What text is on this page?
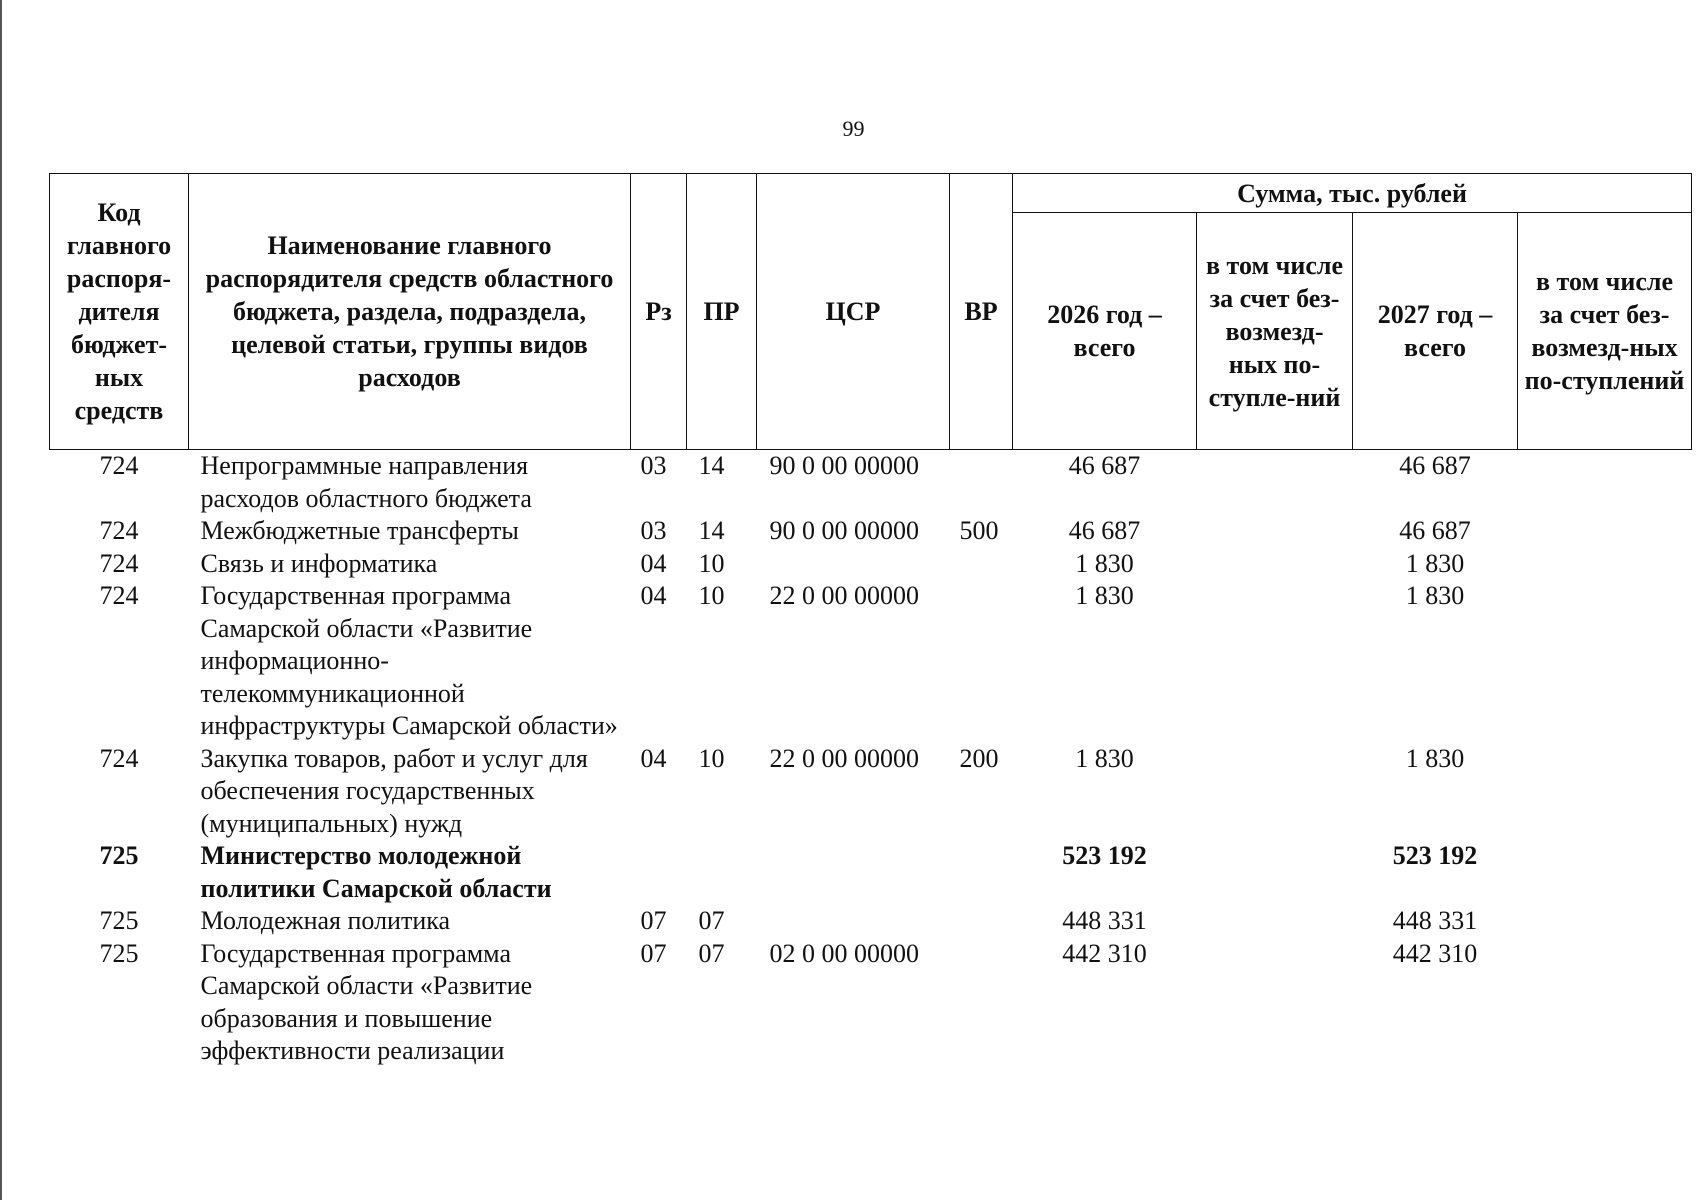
99
Код главного распоря-дителя бюджет-ных средств	Наименование главного распорядителя средств областного бюджета, раздела, подраздела, целевой статьи, группы видов расходов	Рз	ПР	ЦСР	ВР	Сумма, тыс. рублей			
						2026 год – всего	в том числе за счет без-возмезд-ных по-ступле-ний	2027 год – всего	в том числе за счет без-возмезд-ных по-ступлений
724	Непрограммные направления расходов областного бюджета	03	14	90 0 00 00000		46 687		46 687	
724	Межбюджетные трансферты	03	14	90 0 00 00000	500	46 687		46 687	
724	Связь и информатика	04	10			1 830		1 830	
724	Государственная программа Самарской области «Развитие информационно-телекоммуникационной инфраструктуры Самарской области»	04	10	22 0 00 00000		1 830		1 830	
724	Закупка товаров, работ и услуг для обеспечения государственных (муниципальных) нужд	04	10	22 0 00 00000	200	1 830		1 830	
725	Министерство молодежной политики Самарской области					523 192		523 192	
725	Молодежная политика	07	07			448 331		448 331	
725	Государственная программа Самарской области «Развитие образования и повышение эффективности реализации	07	07	02 0 00 00000		442 310		442 310	
